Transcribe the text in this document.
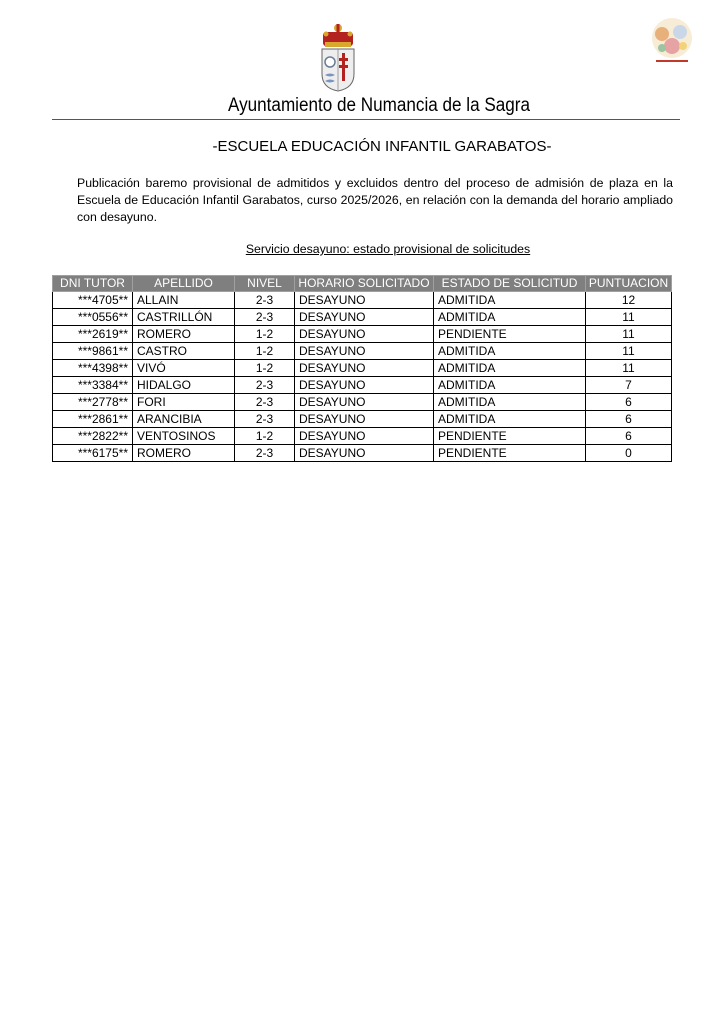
Ayuntamiento de Numancia de la Sagra
-ESCUELA EDUCACIÓN INFANTIL GARABATOS-
Publicación baremo provisional de admitidos y excluidos dentro del proceso de admisión de plaza en la Escuela de Educación Infantil Garabatos, curso 2025/2026, en relación con la demanda del horario ampliado con desayuno.
Servicio desayuno: estado provisional de solicitudes
DNI TUTOR	APELLIDO	NIVEL	HORARIO SOLICITADO	ESTADO DE SOLICITUD	PUNTUACION
***4705**	ALLAIN	2-3	DESAYUNO	ADMITIDA	12
***0556**	CASTRILLÓN	2-3	DESAYUNO	ADMITIDA	11
***2619**	ROMERO	1-2	DESAYUNO	PENDIENTE	11
***9861**	CASTRO	1-2	DESAYUNO	ADMITIDA	11
***4398**	VIVÓ	1-2	DESAYUNO	ADMITIDA	11
***3384**	HIDALGO	2-3	DESAYUNO	ADMITIDA	7
***2778**	FORI	2-3	DESAYUNO	ADMITIDA	6
***2861**	ARANCIBIA	2-3	DESAYUNO	ADMITIDA	6
***2822**	VENTOSINOS	1-2	DESAYUNO	PENDIENTE	6
***6175**	ROMERO	2-3	DESAYUNO	PENDIENTE	0
